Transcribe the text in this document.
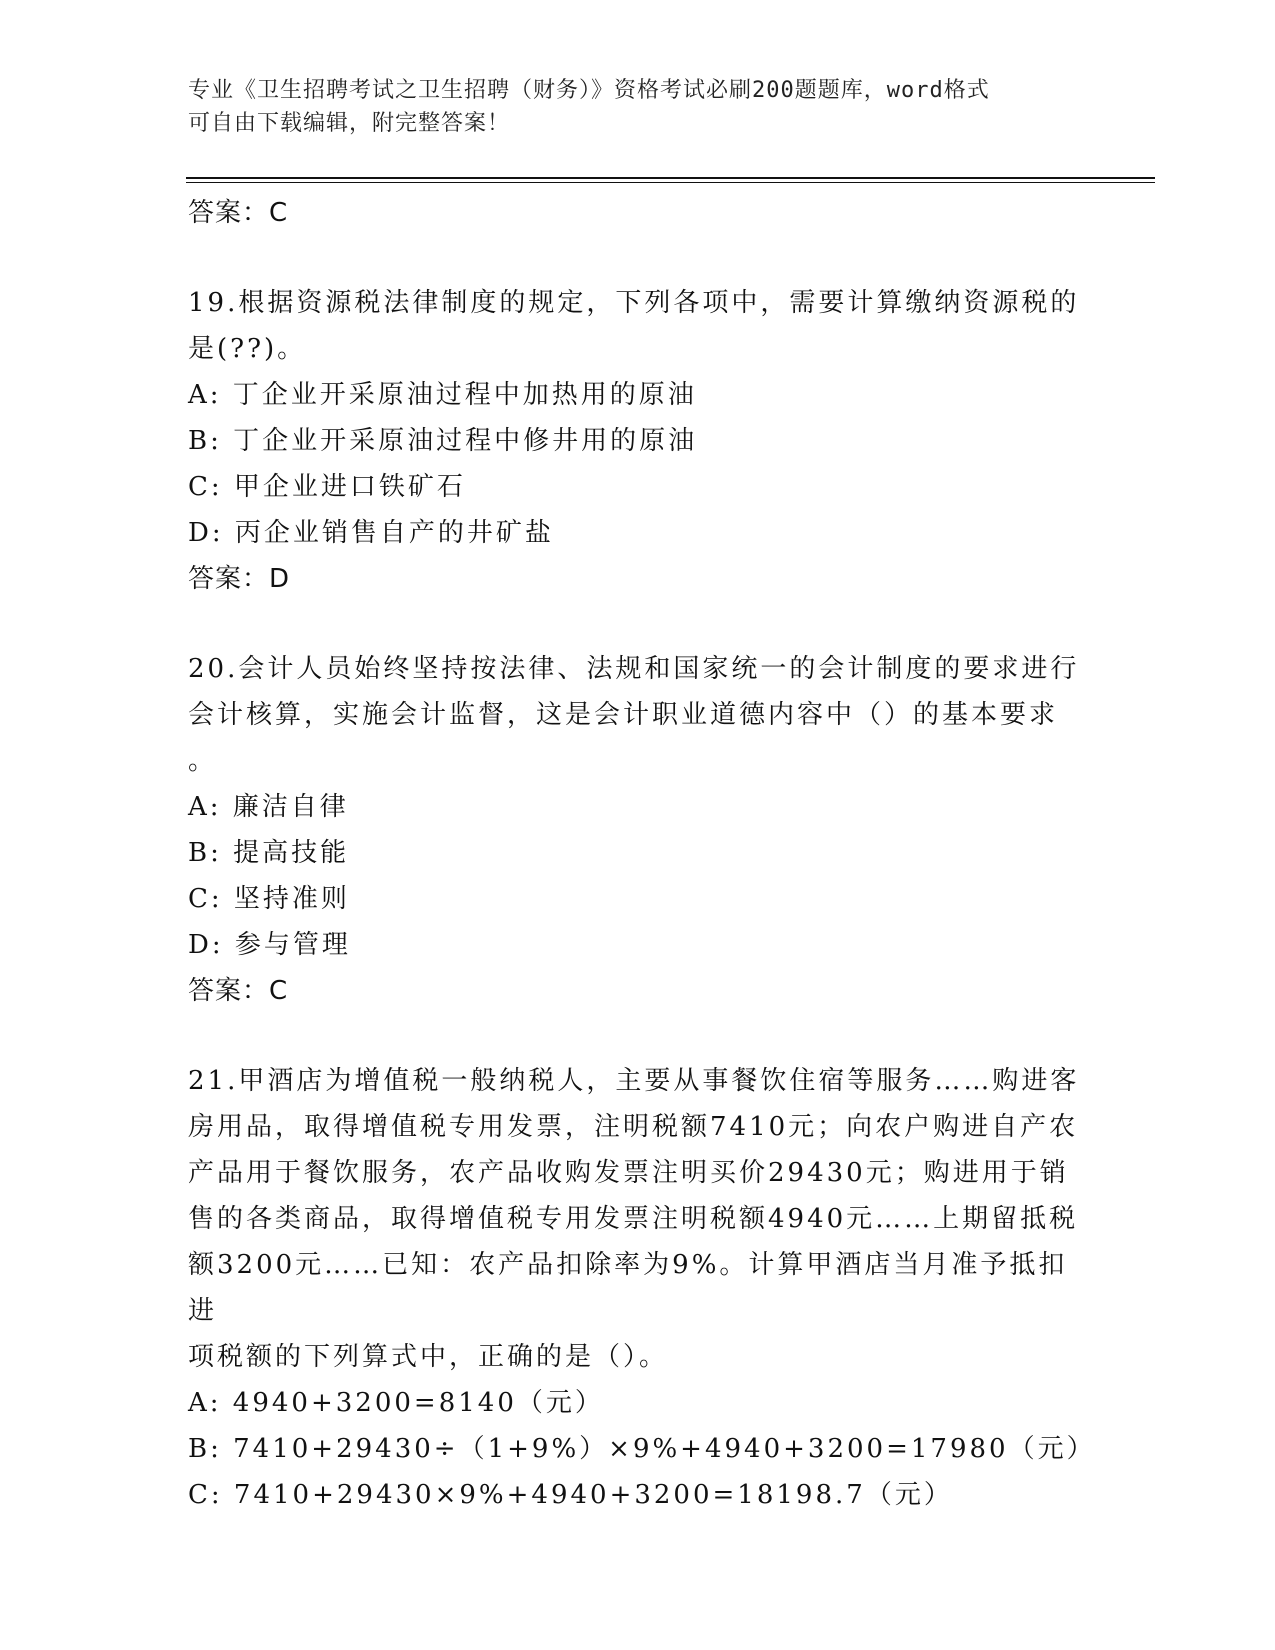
专业《卫生招聘考试之卫生招聘（财务）》资格考试必刷200题题库，word格式
可自由下载编辑，附完整答案！

答案：C

19.根据资源税法律制度的规定，下列各项中，需要计算缴纳资源税的

是(??)。

A: 丁企业开采原油过程中加热用的原油

B: 丁企业开采原油过程中修井用的原油

C: 甲企业进口铁矿石

D: 丙企业销售自产的井矿盐

答案：D

20.会计人员始终坚持按法律、法规和国家统一的会计制度的要求进行

会计核算，实施会计监督，这是会计职业道德内容中（）的基本要求

。

A: 廉洁自律

B: 提高技能

C: 坚持准则

D: 参与管理

答案：C

21.甲酒店为增值税一般纳税人，主要从事餐饮住宿等服务……购进客

房用品，取得增值税专用发票，注明税额7410元；向农户购进自产农

产品用于餐饮服务，农产品收购发票注明买价29430元；购进用于销

售的各类商品，取得增值税专用发票注明税额4940元……上期留抵税

额3200元……已知：农产品扣除率为9%。计算甲酒店当月准予抵扣进

项税额的下列算式中，正确的是（）。

A: 4940+3200=8140（元）

B: 7410+29430÷（1+9%）×9%+4940+3200=17980（元）

C: 7410+29430×9%+4940+3200=18198.7（元）
